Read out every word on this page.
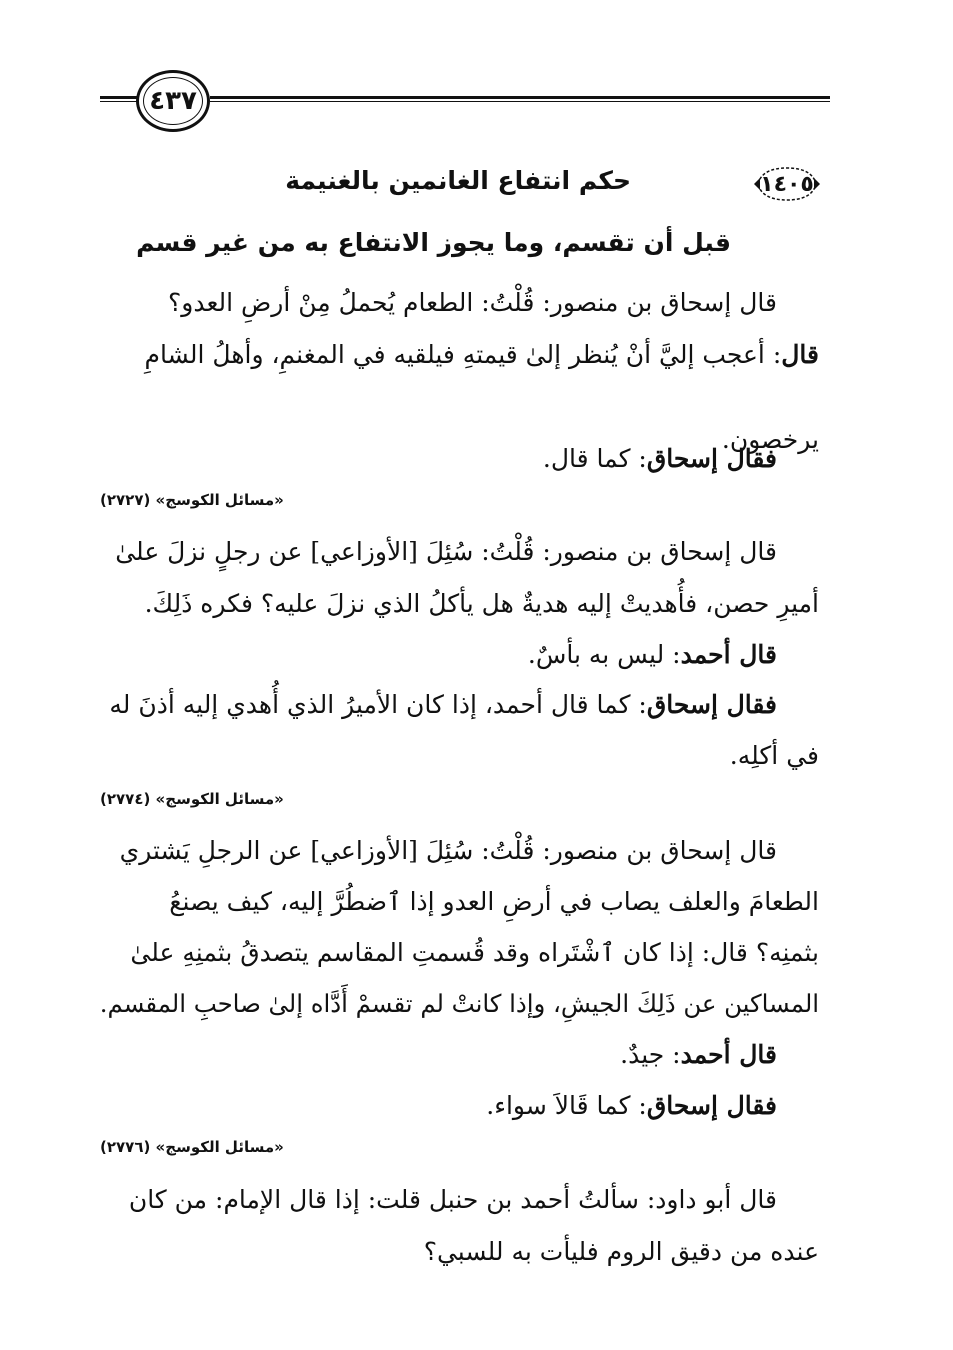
٤٣٧
١٤٠٥
حكم انتفاع الغانمين بالغنيمة
قبل أن تقسم، وما يجوز الانتفاع به من غير قسم
قال إسحاق بن منصور: قُلْتُ: الطعام يُحملُ مِنْ أرضِ العدو؟
قال: أعجب إليَّ أنْ يُنظر إلىٰ قيمتهِ فيلقيه في المغنمِ، وأهلُ الشامِ
يرخصون.
فقال إسحاق: كما قال.
«مسائل الكوسج» (٢٧٢٧)
قال إسحاق بن منصور: قُلْتُ: سُئِلَ [الأوزاعي] عن رجلٍ نزلَ علىٰ
أميرِ حصن، فأُهديتْ إليه هديةٌ هل يأكلُ الذي نزلَ عليه؟ فكره ذَلِكَ.
قال أحمد: ليس به بأسٌ.
فقال إسحاق: كما قال أحمد، إذا كان الأميرُ الذي أُهدي إليه أذنَ له
في أكلِه.
«مسائل الكوسج» (٢٧٧٤)
قال إسحاق بن منصور: قُلْتُ: سُئِلَ [الأوزاعي] عن الرجلِ يَشتري
الطعامَ والعلف يصاب في أرضِ العدو إذا ٱضطُرَّ إليه، كيف يصنعُ
بثمنِه؟ قال: إذا كان ٱشْتَراه وقد قُسمتِ المقاسم يتصدقُ بثمنِهِ علىٰ
المساكين عن ذَلِكَ الجيشِ، وإذا كانتْ لم تقسمْ أَدَّاه إلىٰ صاحبِ المقسم.
قال أحمد: جيدٌ.
فقال إسحاق: كما قَالاَ سواء.
«مسائل الكوسج» (٢٧٧٦)
قال أبو داود: سألتُ أحمد بن حنبل قلت: إذا قال الإمام: من كان
عنده من دقيق الروم فليأت به للسبي؟
